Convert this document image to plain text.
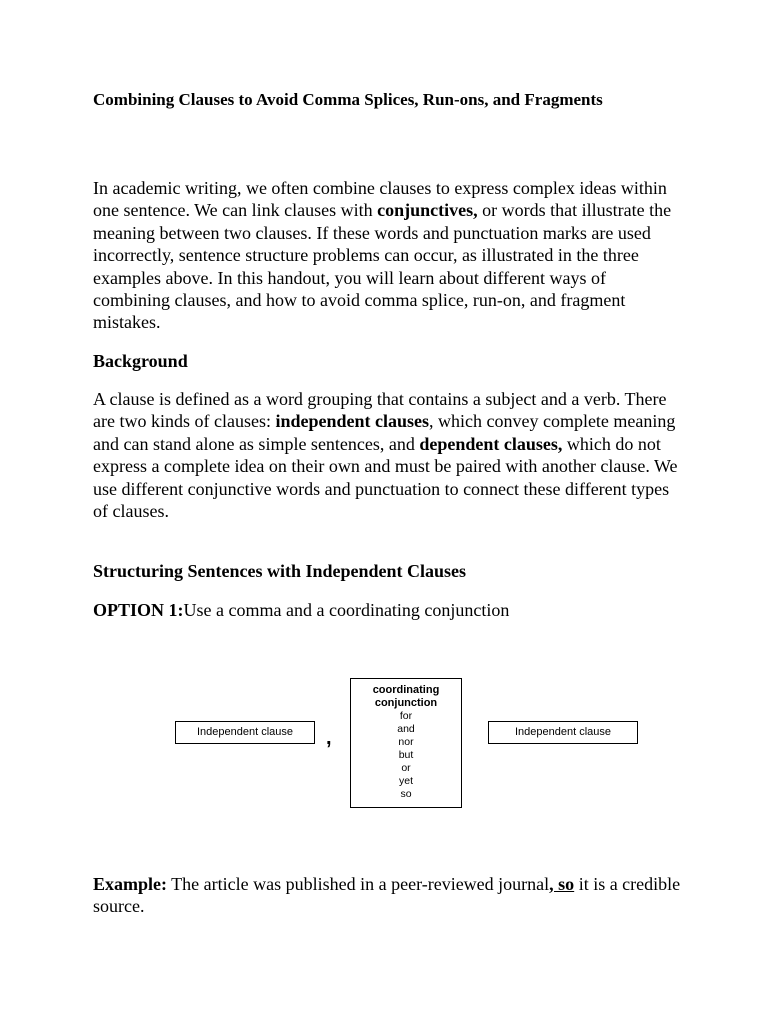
Combining Clauses to Avoid Comma Splices, Run-ons, and Fragments

In academic writing, we often combine clauses to express complex ideas within one sentence. We can link clauses with conjunctives, or words that illustrate the meaning between two clauses. If these words and punctuation marks are used incorrectly, sentence structure problems can occur, as illustrated in the three examples above. In this handout, you will learn about different ways of combining clauses, and how to avoid comma splice, run-on, and fragment mistakes.

Background

A clause is defined as a word grouping that contains a subject and a verb. There are two kinds of clauses: independent clauses, which convey complete meaning and can stand alone as simple sentences, and dependent clauses, which do not express a complete idea on their own and must be paired with another clause. We use different conjunctive words and punctuation to connect these different types of clauses.

Structuring Sentences with Independent Clauses

OPTION 1:Use a comma and a coordinating conjunction

Independent clause	,
coordinating
conjunction
for
and
nor
but
or
yet
so
Independent clause

Example: The article was published in a peer-reviewed journal, so it is a credible source.
